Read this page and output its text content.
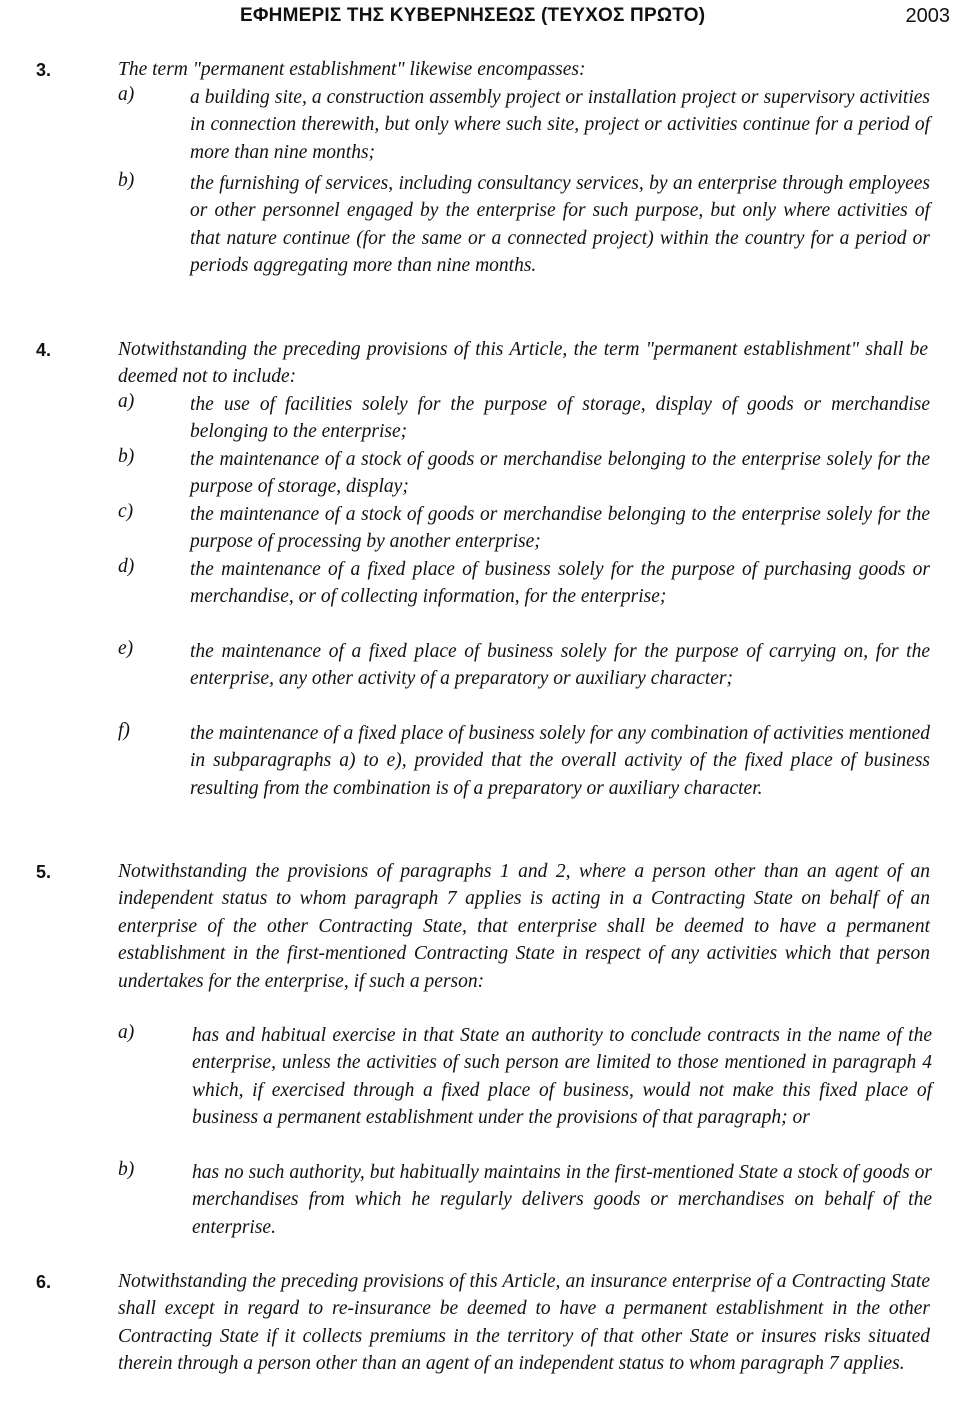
ΕΦΗΜΕΡΙΣ ΤΗΣ ΚΥΒΕΡΝΗΣΕΩΣ (ΤΕΥΧΟΣ ΠΡΩΤΟ)	2003
3.	The term "permanent establishment" likewise encompasses:
a)	a building site, a construction assembly project or installation project or supervisory activities in connection therewith, but only where such site, project or activities continue for a period of more than nine months;
b)	the furnishing of services, including consultancy services, by an enterprise through employees or other personnel engaged by the enterprise for such purpose, but only where activities of that nature continue (for the same or a connected project) within the country for a period or periods aggregating more than nine months.
4.	Notwithstanding the preceding provisions of this Article, the term "permanent establishment" shall be deemed not to include:
a)	the use of facilities solely for the purpose of storage, display of goods or merchandise belonging to the enterprise;
b)	the maintenance of a stock of goods or merchandise belonging to the enterprise solely for the purpose of storage, display;
c)	the maintenance of a stock of goods or merchandise belonging to the enterprise solely for the purpose of processing by another enterprise;
d)	the maintenance of a fixed place of business solely for the purpose of purchasing goods or merchandise, or of collecting information, for the enterprise;
e)	the maintenance of a fixed place of business solely for the purpose of carrying on, for the enterprise, any other activity of a preparatory or auxiliary character;
f)	the maintenance of a fixed place of business solely for any combination of activities mentioned in subparagraphs a) to e), provided that the overall activity of the fixed place of business resulting from the combination is of a preparatory or auxiliary character.
5.	Notwithstanding the provisions of paragraphs 1 and 2, where a person other than an agent of an independent status to whom paragraph 7 applies is acting in a Contracting State on behalf of an enterprise of the other Contracting State, that enterprise shall be deemed to have a permanent establishment in the first-mentioned Contracting State in respect of any activities which that person undertakes for the enterprise, if such a person:
a)	has and habitual exercise in that State an authority to conclude contracts in the name of the enterprise, unless the activities of such person are limited to those mentioned in paragraph 4 which, if exercised through a fixed place of business, would not make this fixed place of business a permanent establishment under the provisions of that paragraph; or
b)	has no such authority, but habitually maintains in the first-mentioned State a stock of goods or merchandises from which he regularly delivers goods or merchandises on behalf of the enterprise.
6.	Notwithstanding the preceding provisions of this Article, an insurance enterprise of a Contracting State shall except in regard to re-insurance be deemed to have a permanent establishment in the other Contracting State if it collects premiums in the territory of that other State or insures risks situated therein through a person other than an agent of an independent status to whom paragraph 7 applies.
